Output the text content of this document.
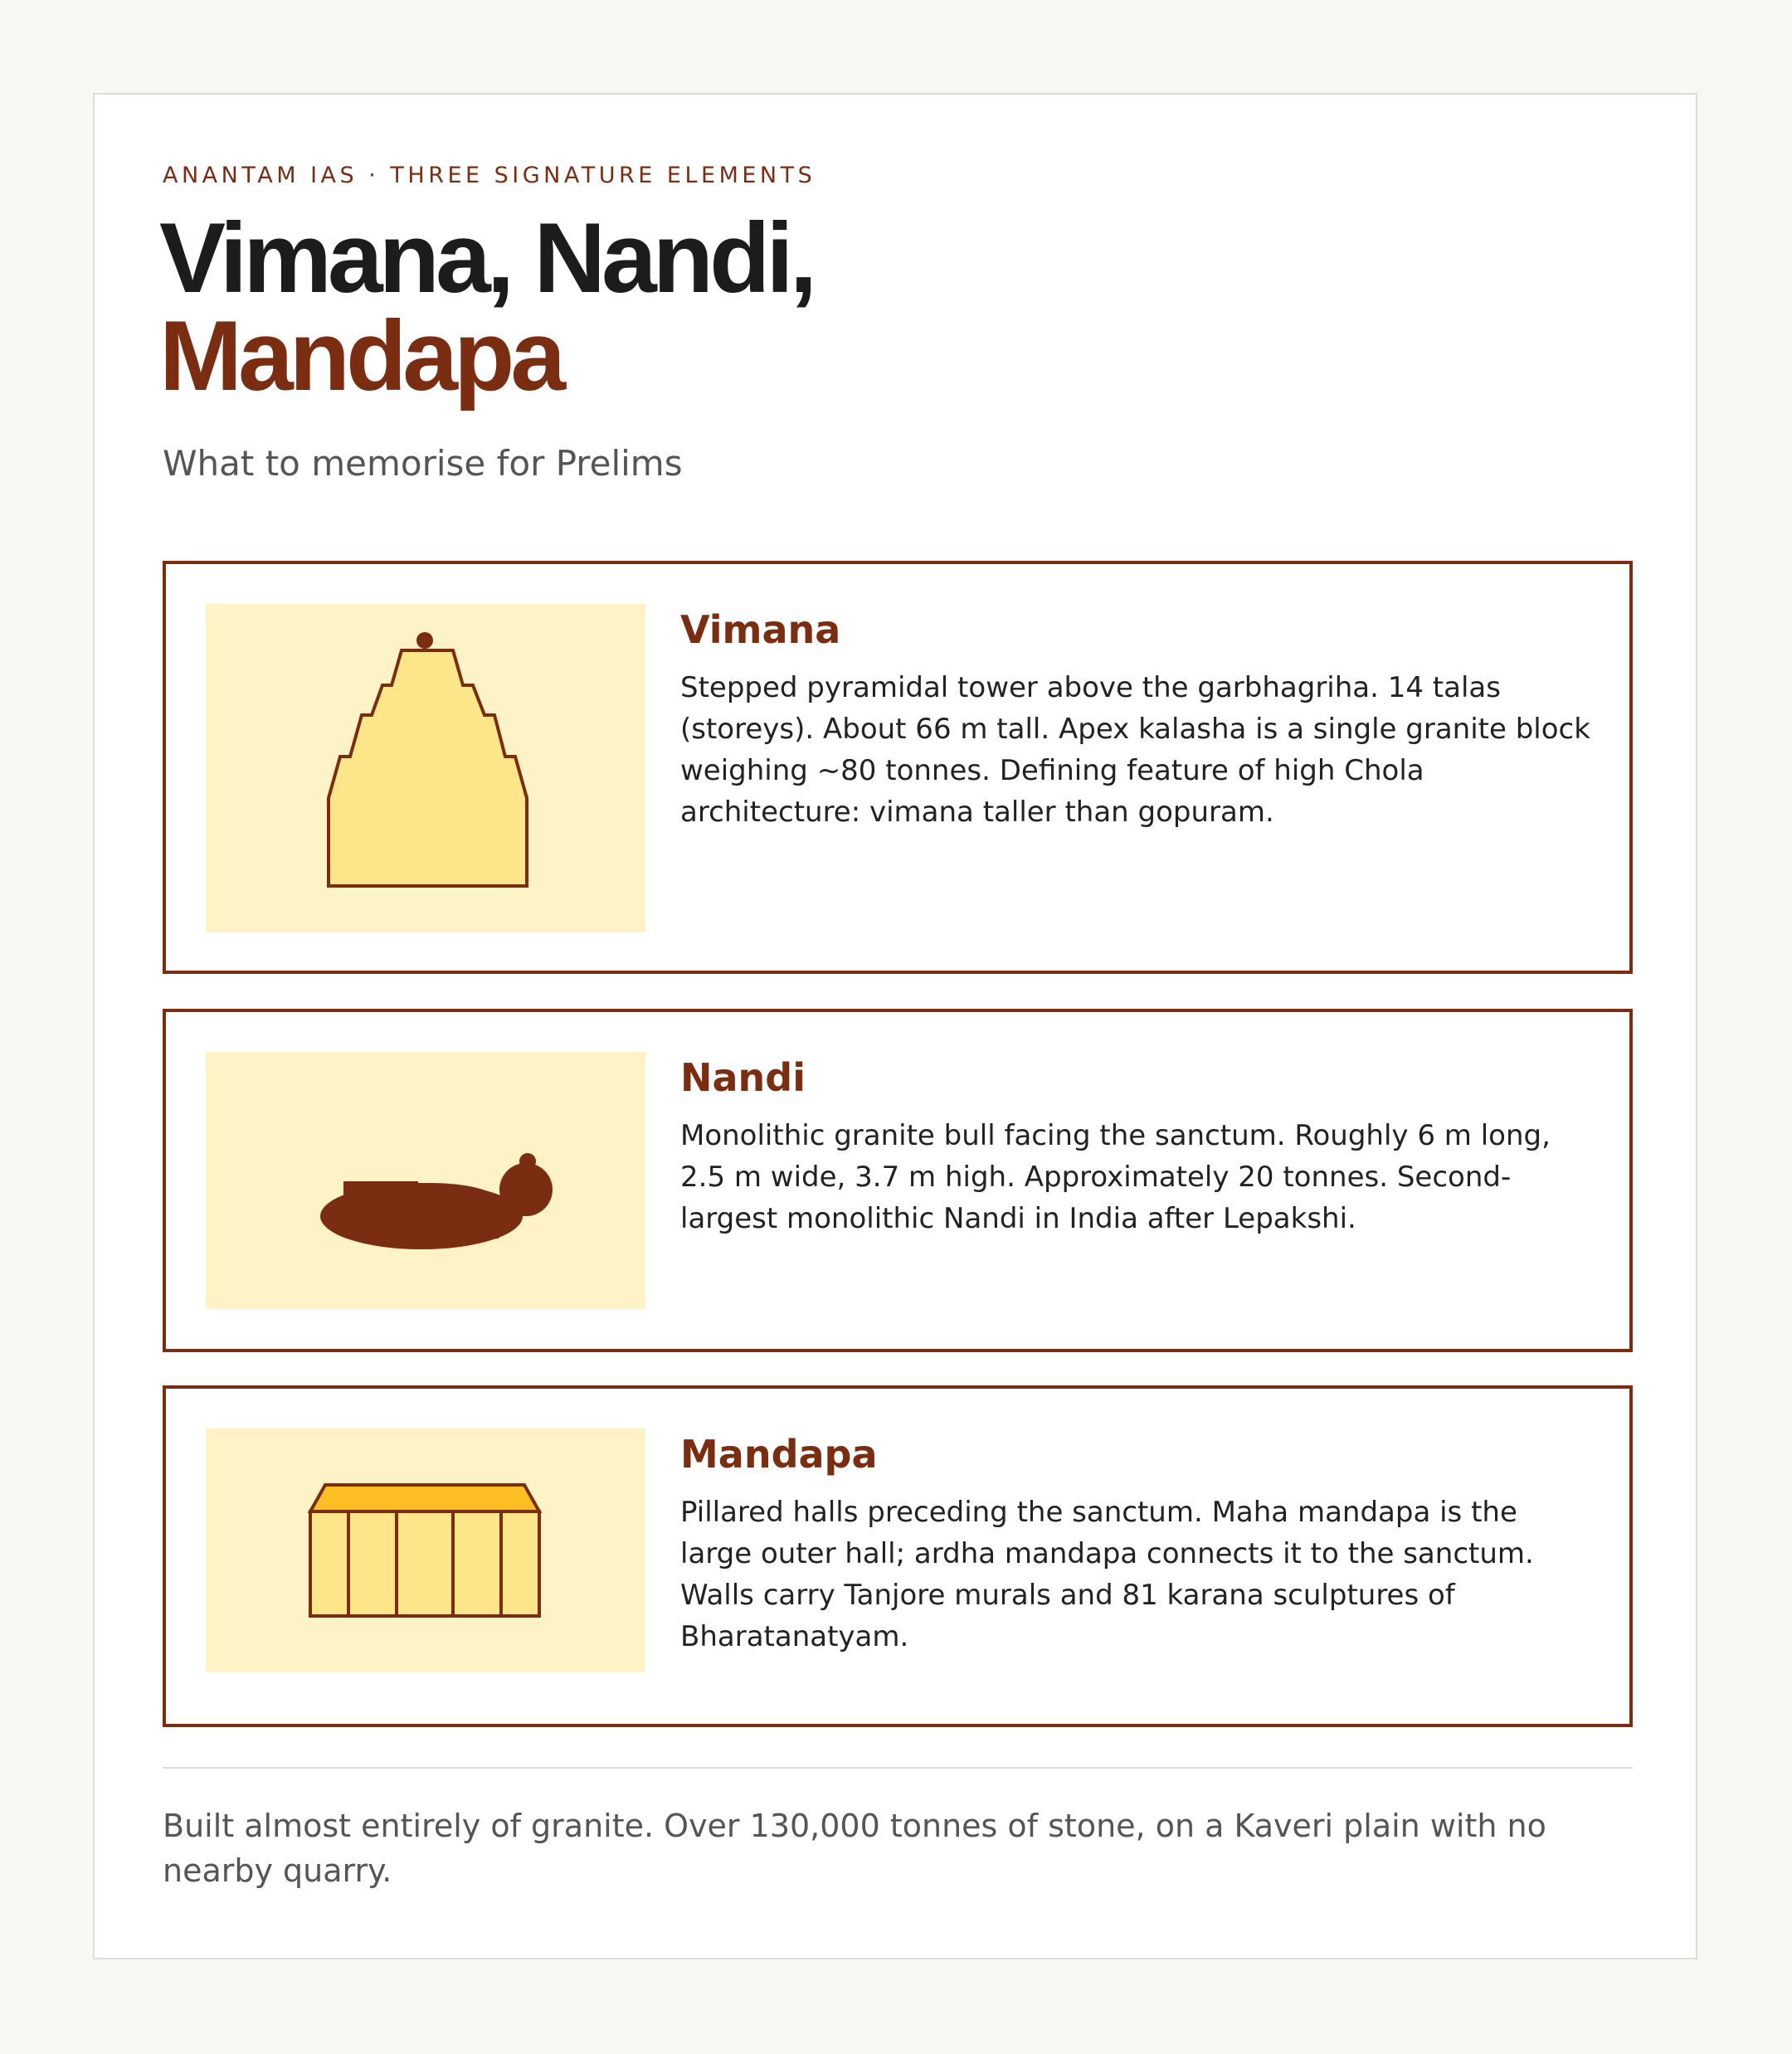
ANANTAM IAS · THREE SIGNATURE ELEMENTS
Vimana, Nandi,
Mandapa
What to memorise for Prelims
Vimana
Stepped pyramidal tower above the garbhagriha. 14 talas (storeys). About 66 m tall. Apex kalasha is a single granite block weighing ~80 tonnes. Defining feature of high Chola architecture: vimana taller than gopuram.
Nandi
Monolithic granite bull facing the sanctum. Roughly 6 m long, 2.5 m wide, 3.7 m high. Approximately 20 tonnes. Second-largest monolithic Nandi in India after Lepakshi.
Mandapa
Pillared halls preceding the sanctum. Maha mandapa is the large outer hall; ardha mandapa connects it to the sanctum. Walls carry Tanjore murals and 81 karana sculptures of Bharatanatyam.
Built almost entirely of granite. Over 130,000 tonnes of stone, on a Kaveri plain with no nearby quarry.
